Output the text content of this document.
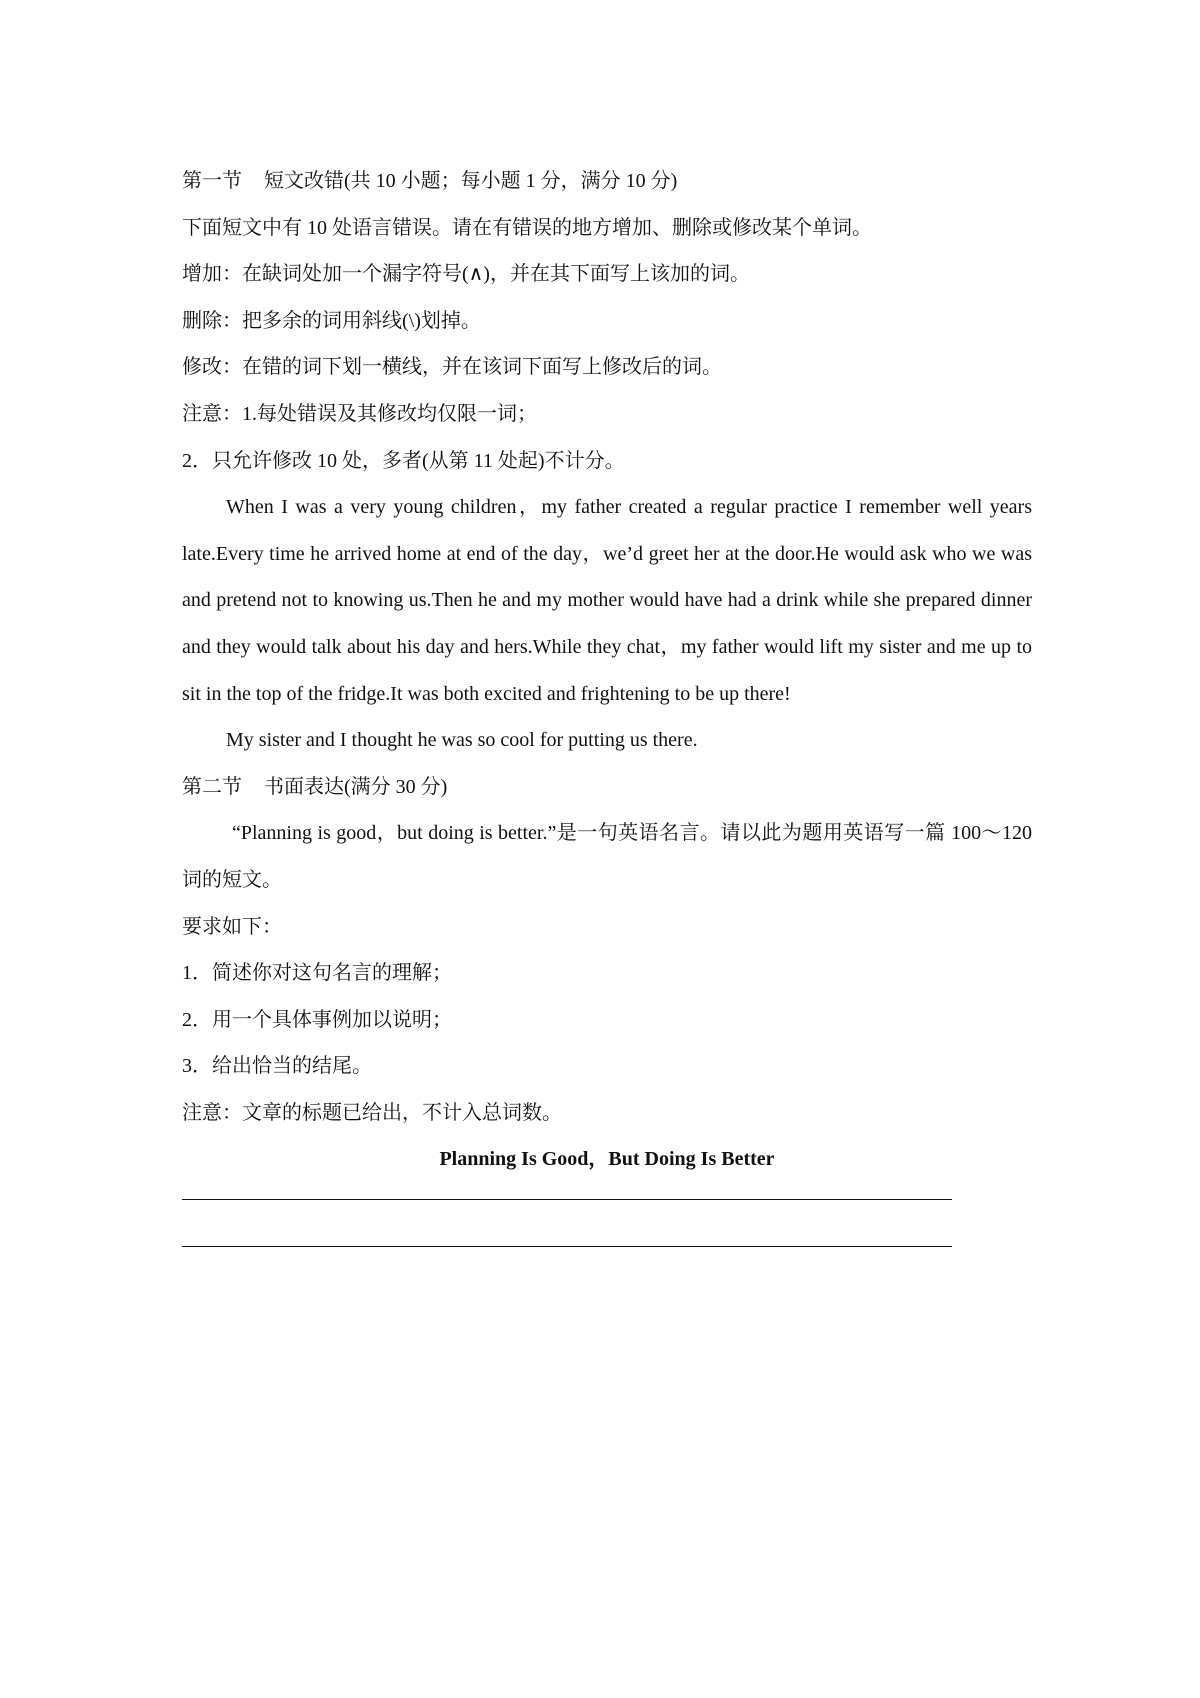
第一节 短文改错(共 10 小题；每小题 1 分，满分 10 分)
下面短文中有 10 处语言错误。请在有错误的地方增加、删除或修改某个单词。
增加：在缺词处加一个漏字符号(∧)，并在其下面写上该加的词。
删除：把多余的词用斜线(\)划掉。
修改：在错的词下划一横线，并在该词下面写上修改后的词。
注意：1.每处错误及其修改均仅限一词；
2．只允许修改 10 处，多者(从第 11 处起)不计分。

When I was a very young children，my father created a regular practice I remember well years late.Every time he arrived home at end of the day，we’d greet her at the door.He would ask who we was and pretend not to knowing us.Then he and my mother would have had a drink while she prepared dinner and they would talk about his day and hers.While they chat，my father would lift my sister and me up to sit in the top of the fridge.It was both excited and frightening to be up there!

My sister and I thought he was so cool for putting us there.

第二节 书面表达(满分 30 分)

“Planning is good，but doing is better.”是一句英语名言。请以此为题用英语写一篇 100～120 词的短文。

要求如下：
1．简述你对这句名言的理解；
2．用一个具体事例加以说明；
3．给出恰当的结尾。
注意：文章的标题已给出，不计入总词数。
Planning Is Good，But Doing Is Better
